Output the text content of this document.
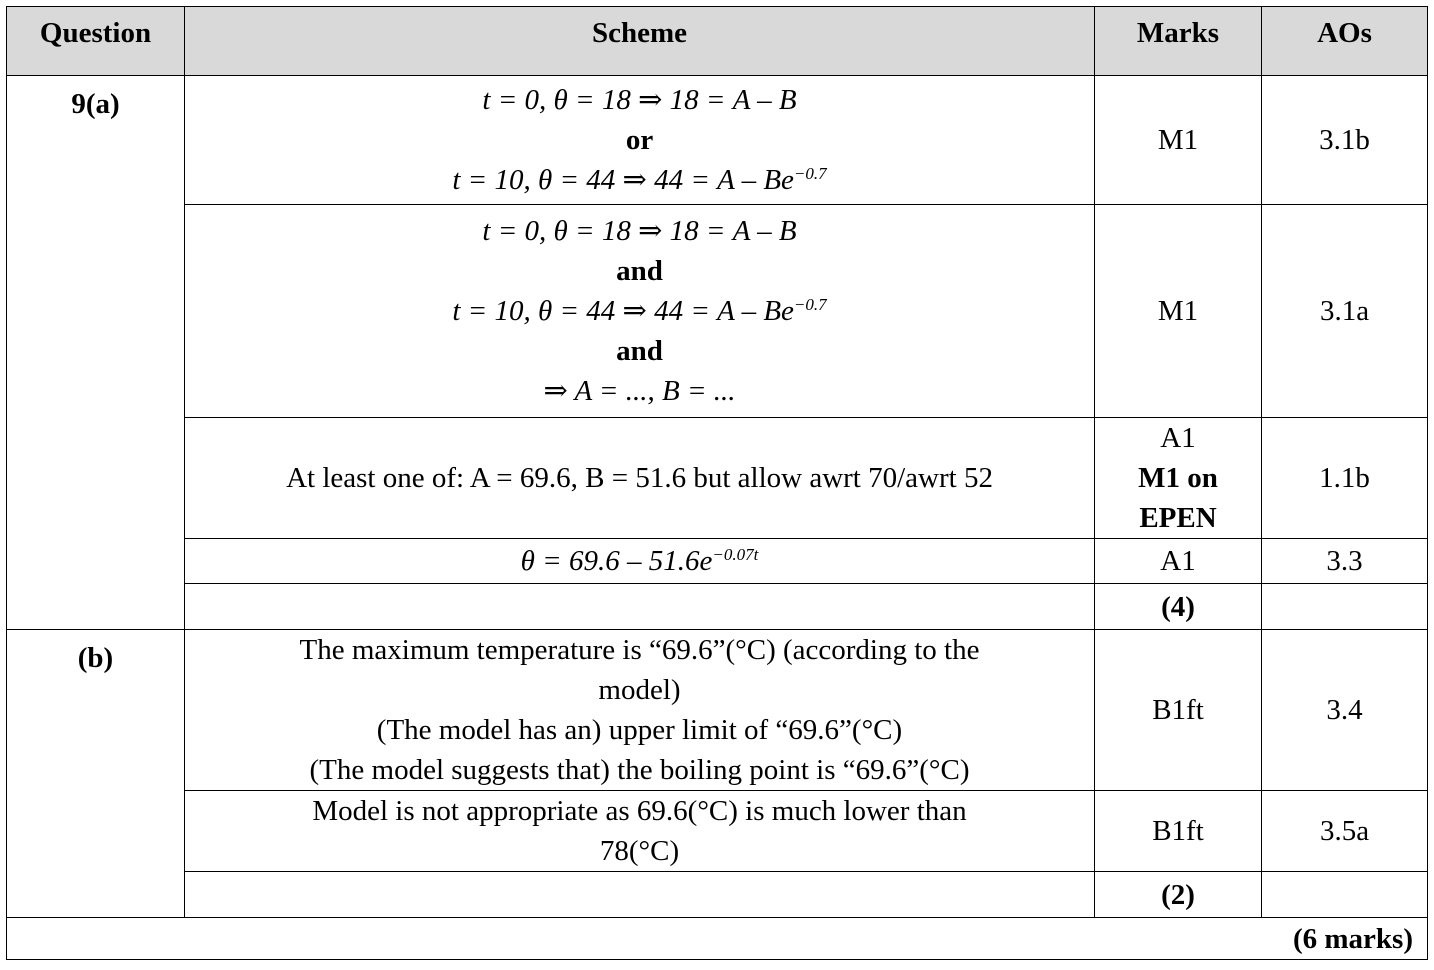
Question	Scheme	Marks	AOs
9(a)	t = 0, θ = 18 ⇒ 18 = A – B
or
t = 10, θ = 44 ⇒ $44 = A - Be^{-0.7}$	M1	3.1b

	t = 0, θ = 18 ⇒ 18 = A – B
and
t = 10, θ = 44 ⇒ $44 = A - Be^{-0.7}$
and
⇒ A = ..., B = ...	M1	3.1a
	At least one of: A = 69.6, B = 51.6 but allow awrt 70/awrt 52	A1
M1 on
EPEN	1.1b
	$\theta = 69.6 - 51.6e^{-0.07t}$	A1	3.3
		(4)	
(b)	The maximum temperature is “69.6”(°C) (according to the
model)
(The model has an) upper limit of “69.6”(°C)
(The model suggests that) the boiling point is “69.6”(°C)	B1ft	3.4

	Model is not appropriate as 69.6(°C) is much lower than
78(°C)	B1ft	3.5a
		(2)	
(6 marks)			
